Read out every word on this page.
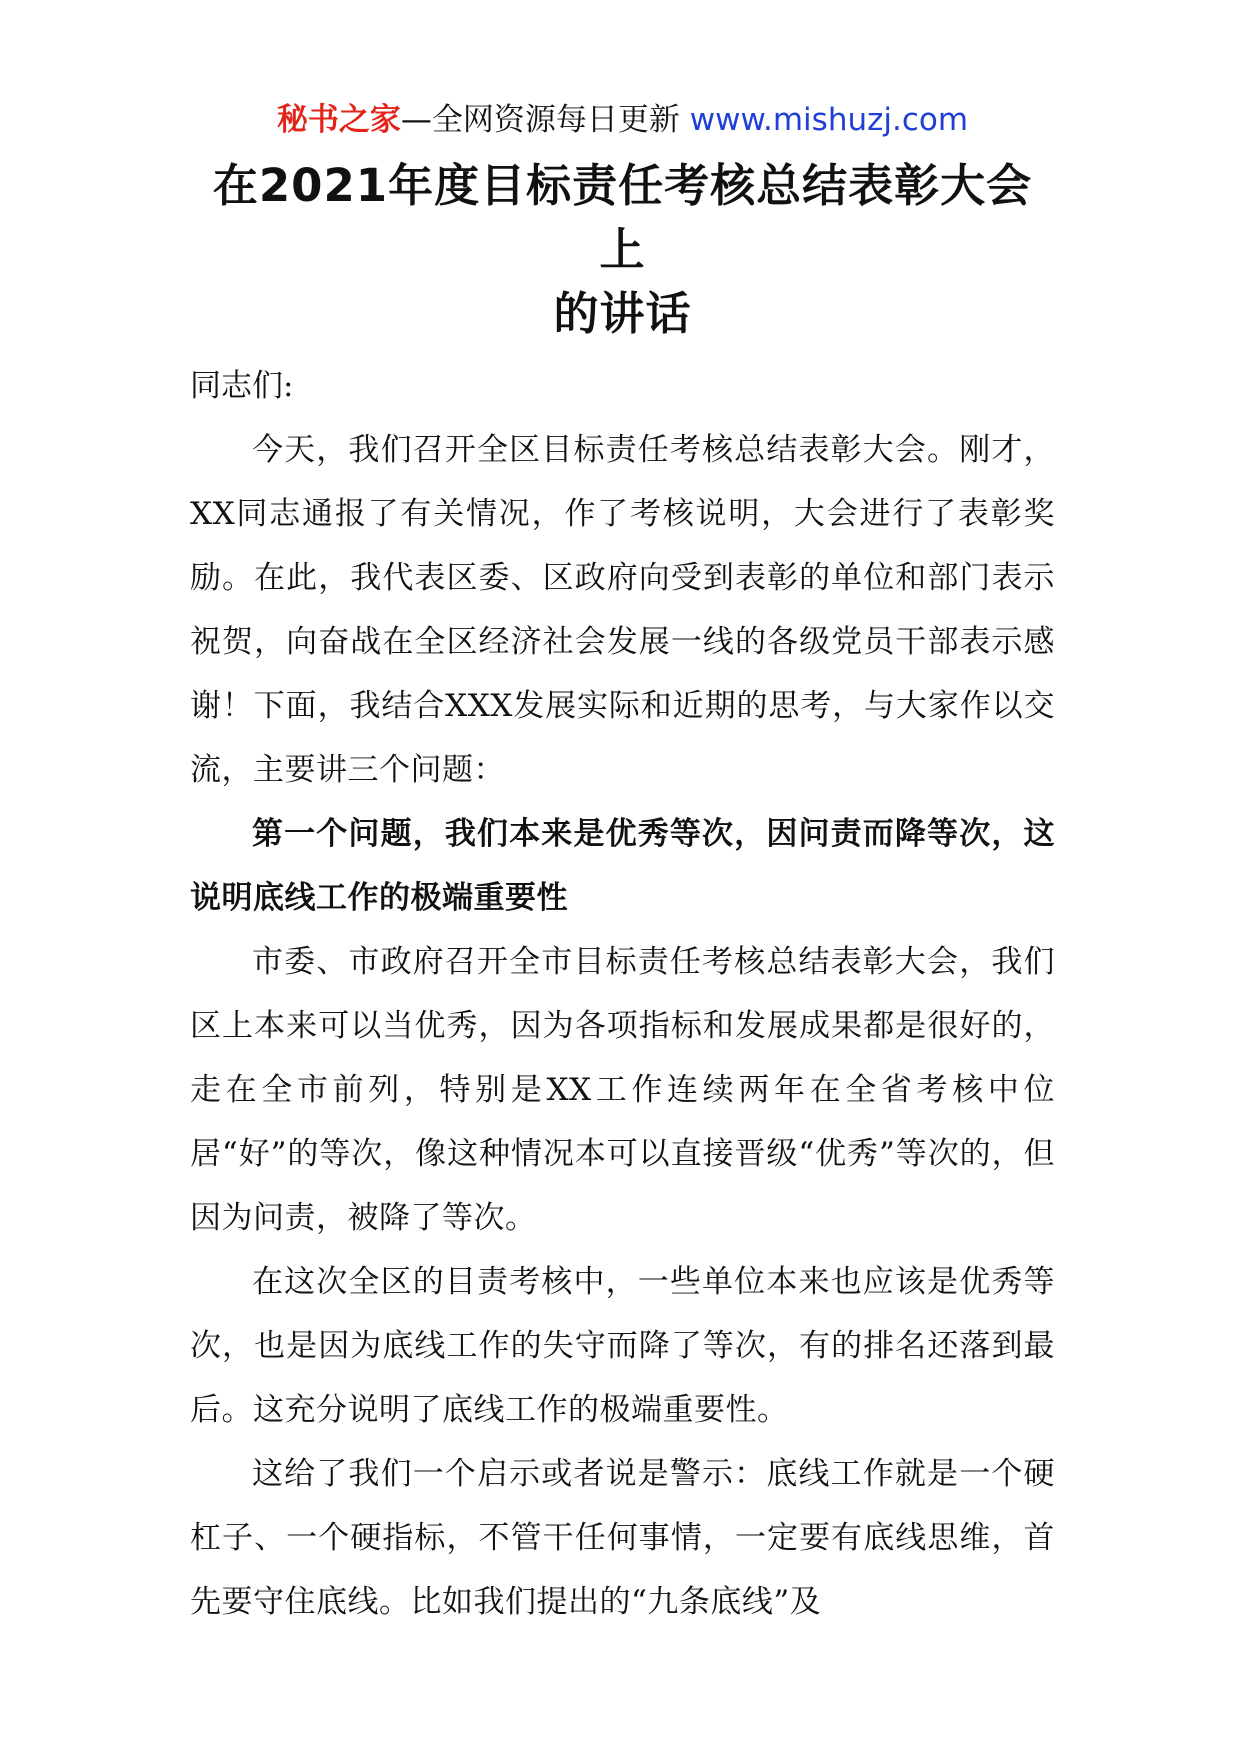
秘书之家—全网资源每日更新 www.mishuzj.com
在2021年度目标责任考核总结表彰大会上
的讲话

同志们:

今天，我们召开全区目标责任考核总结表彰大会。刚才，XX同志通报了有关情况，作了考核说明，大会进行了表彰奖励。在此，我代表区委、区政府向受到表彰的单位和部门表示祝贺，向奋战在全区经济社会发展一线的各级党员干部表示感谢！下面，我结合XXX发展实际和近期的思考，与大家作以交流，主要讲三个问题：

第一个问题，我们本来是优秀等次，因问责而降等次，这说明底线工作的极端重要性

市委、市政府召开全市目标责任考核总结表彰大会，我们区上本来可以当优秀，因为各项指标和发展成果都是很好的，走在全市前列，特别是XX工作连续两年在全省考核中位居“好”的等次，像这种情况本可以直接晋级“优秀”等次的，但因为问责，被降了等次。

在这次全区的目责考核中，一些单位本来也应该是优秀等次，也是因为底线工作的失守而降了等次，有的排名还落到最后。这充分说明了底线工作的极端重要性。

这给了我们一个启示或者说是警示：底线工作就是一个硬杠子、一个硬指标，不管干任何事情，一定要有底线思维，首先要守住底线。比如我们提出的“九条底线”及
